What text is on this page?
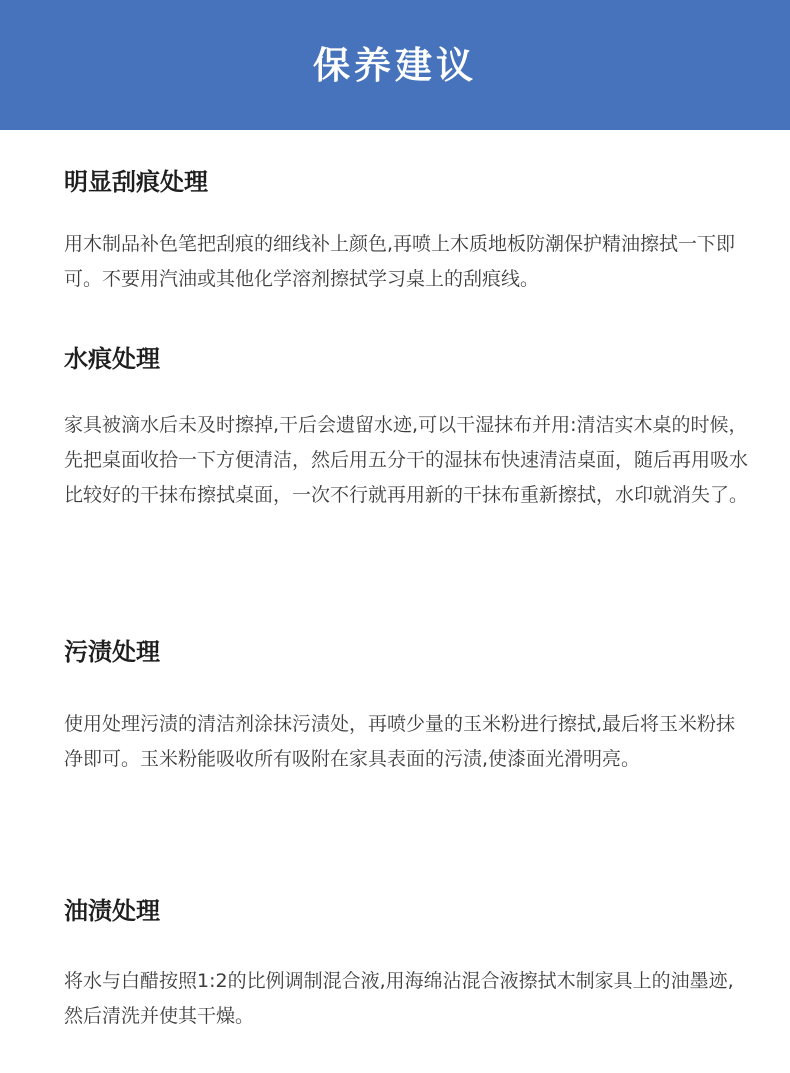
保养建议
明显刮痕处理

用木制品补色笔把刮痕的细线补上颜色,再喷上木质地板防潮保护精油擦拭一下即可。不要用汽油或其他化学溶剂擦拭学习桌上的刮痕线。

水痕处理

家具被滴水后未及时擦掉,干后会遗留水迹,可以干湿抹布并用:清洁实木桌的时候，先把桌面收拾一下方便清洁，然后用五分干的湿抹布快速清洁桌面，随后再用吸水比较好的干抹布擦拭桌面，一次不行就再用新的干抹布重新擦拭，水印就消失了。

污渍处理

使用处理污渍的清洁剂涂抹污渍处，再喷少量的玉米粉进行擦拭,最后将玉米粉抹净即可。玉米粉能吸收所有吸附在家具表面的污渍,使漆面光滑明亮。

油渍处理

将水与白醋按照1:2的比例调制混合液,用海绵沾混合液擦拭木制家具上的油墨迹,然后清洗并使其干燥。
